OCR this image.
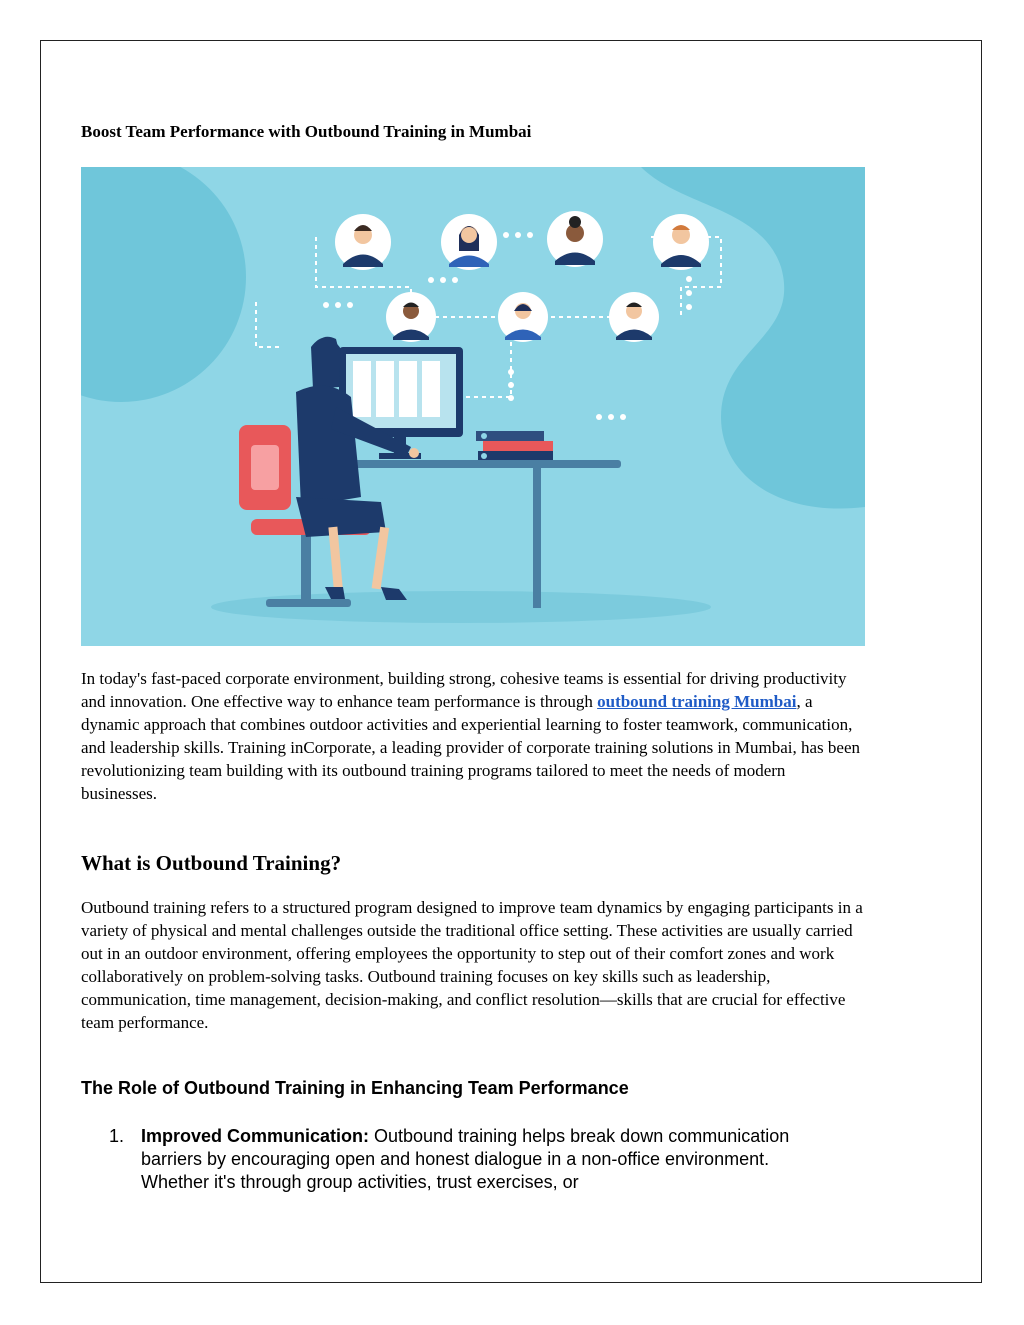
Boost Team Performance with Outbound Training in Mumbai

In today's fast-paced corporate environment, building strong, cohesive teams is essential for driving productivity and innovation. One effective way to enhance team performance is through outbound training Mumbai, a dynamic approach that combines outdoor activities and experiential learning to foster teamwork, communication, and leadership skills. Training inCorporate, a leading provider of corporate training solutions in Mumbai, has been revolutionizing team building with its outbound training programs tailored to meet the needs of modern businesses.

What is Outbound Training?

Outbound training refers to a structured program designed to improve team dynamics by engaging participants in a variety of physical and mental challenges outside the traditional office setting. These activities are usually carried out in an outdoor environment, offering employees the opportunity to step out of their comfort zones and work collaboratively on problem-solving tasks. Outbound training focuses on key skills such as leadership, communication, time management, decision-making, and conflict resolution—skills that are crucial for effective team performance.

The Role of Outbound Training in Enhancing Team Performance
1. Improved Communication: Outbound training helps break down communication barriers by encouraging open and honest dialogue in a non-office environment. Whether it's through group activities, trust exercises, or
